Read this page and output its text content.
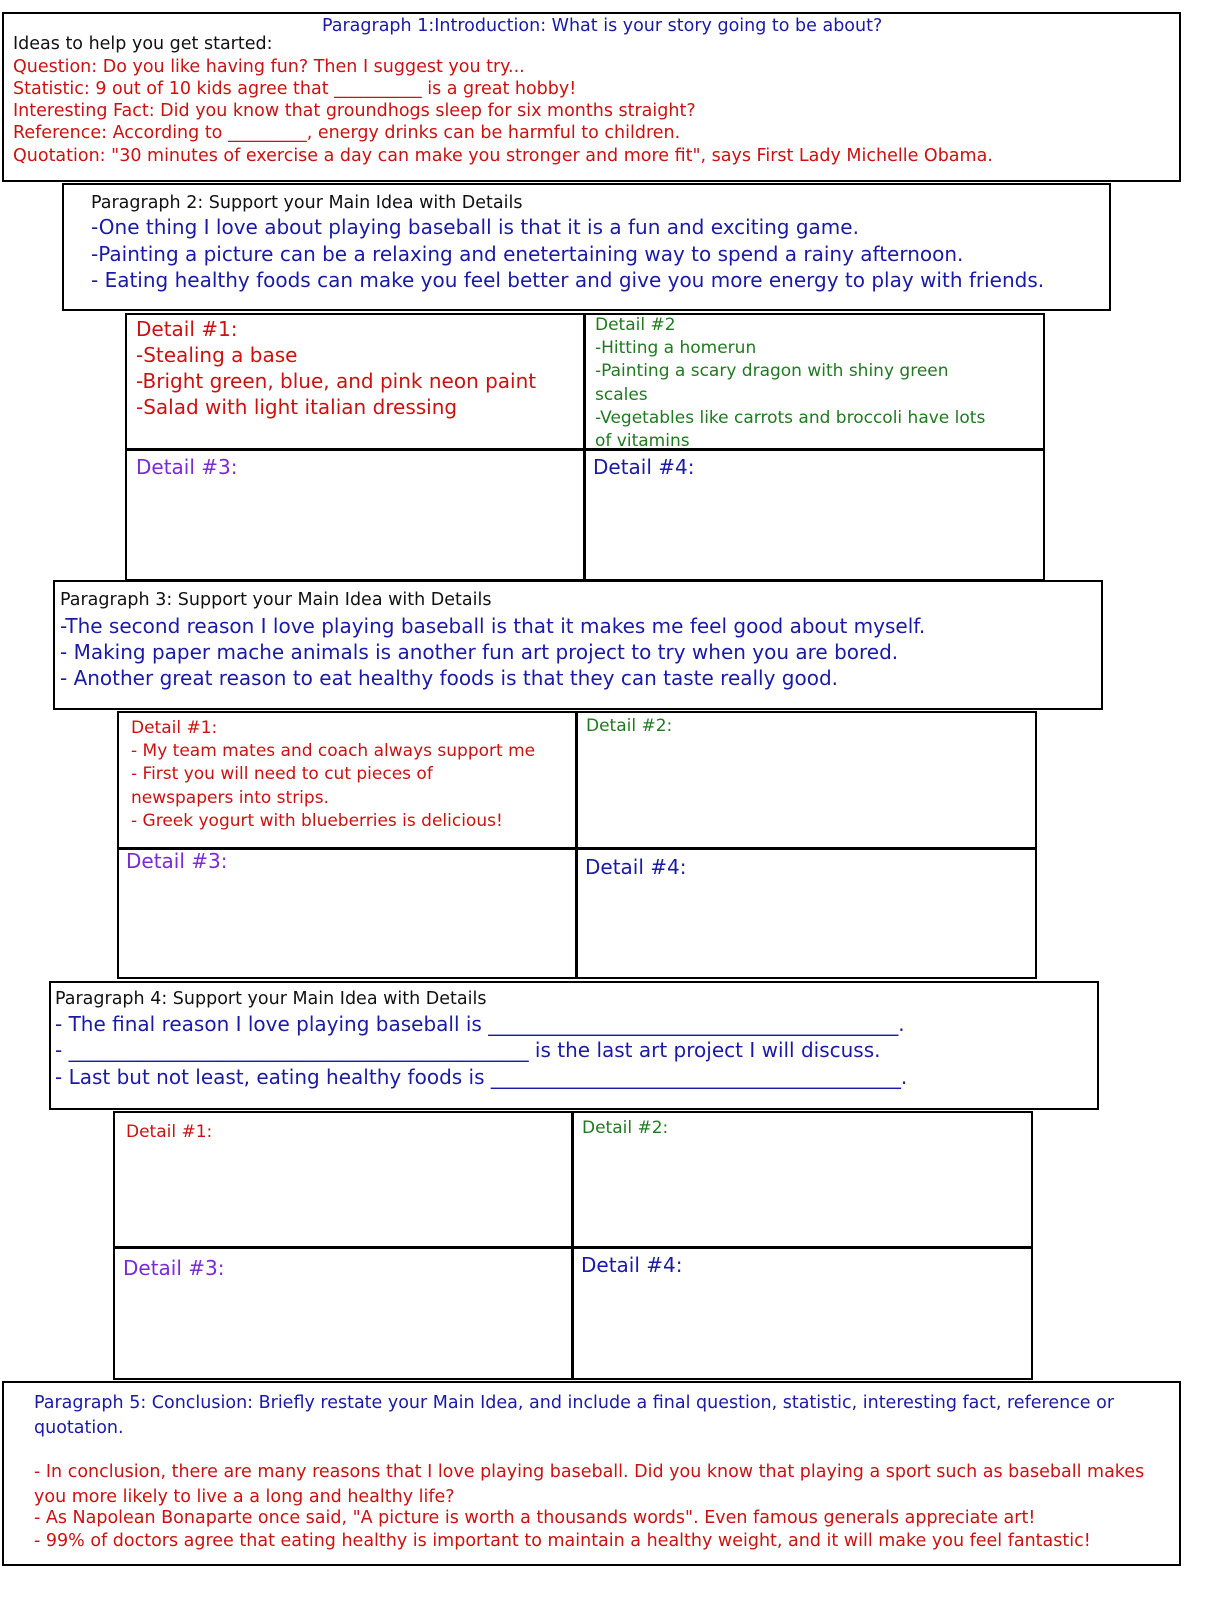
Paragraph 1:Introduction: What is your story going to be about?
Ideas to help you get started:
Question: Do you like having fun? Then I suggest you try...
Statistic: 9 out of 10 kids agree that __________ is a great hobby!
Interesting Fact: Did you know that groundhogs sleep for six months straight?
Reference: According to _________, energy drinks can be harmful to children.
Quotation: "30 minutes of exercise a day can make you stronger and more fit", says First Lady Michelle Obama.
Paragraph 2: Support your Main Idea with Details
-One thing I love about playing baseball is that it is a fun and exciting game.
-Painting a picture can be a relaxing and enetertaining way to spend a rainy afternoon.
- Eating healthy foods can make you feel better and give you more energy to play with friends.
Detail #1:
-Stealing a base
-Bright green, blue, and pink neon paint
-Salad with light italian dressing
Detail #2
-Hitting a homerun
-Painting a scary dragon with shiny green
scales
-Vegetables like carrots and broccoli have lots
of vitamins
Detail #3:	Detail #4:
Paragraph 3: Support your Main Idea with Details
-The second reason I love playing baseball is that it makes me feel good about myself.
- Making paper mache animals is another fun art project to try when you are bored.
- Another great reason to eat healthy foods is that they can taste really good.
Detail #1:
- My team mates and coach always support me
- First you will need to cut pieces of
newspapers into strips.
- Greek yogurt with blueberries is delicious!
Detail #2:
Detail #3:	Detail #4:
Paragraph 4: Support your Main Idea with Details
- The final reason I love playing baseball is _________________________________________.
- ______________________________________________ is the last art project I will discuss.
- Last but not least, eating healthy foods is _________________________________________.
Detail #1:	Detail #2:
Detail #3:	Detail #4:
Paragraph 5: Conclusion: Briefly restate your Main Idea, and include a final question, statistic, interesting fact, reference or quotation.
- In conclusion, there are many reasons that I love playing baseball. Did you know that playing a sport such as baseball makes you more likely to live a a long and healthy life?
- As Napolean Bonaparte once said, "A picture is worth a thousands words". Even famous generals appreciate art!
- 99% of doctors agree that eating healthy is important to maintain a healthy weight, and it will make you feel fantastic!
